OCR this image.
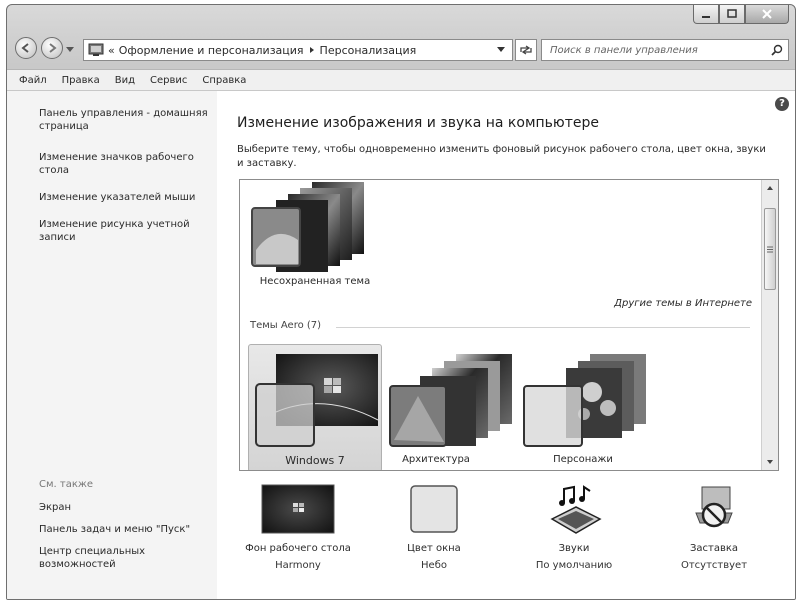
« Оформление и персонализация Персонализация
Поиск в панели управления
Файл Правка Вид Сервис Справка
Панель управления - домашняя страница
Изменение значков рабочего стола
Изменение указателей мыши
Изменение рисунка учетной записи
См. также
Экран
Панель задач и меню "Пуск"
Центр специальных возможностей
?
Изменение изображения и звука на компьютере
Выберите тему, чтобы одновременно изменить фоновый рисунок рабочего стола, цвет окна, звуки и заставку.
Несохраненная тема
Другие темы в Интернете
Темы Aero (7)
Windows 7	Архитектура	Персонажи
Фон рабочего стола
Harmony
Цвет окна
Небо
Звуки
По умолчанию
Заставка
Отсутствует
